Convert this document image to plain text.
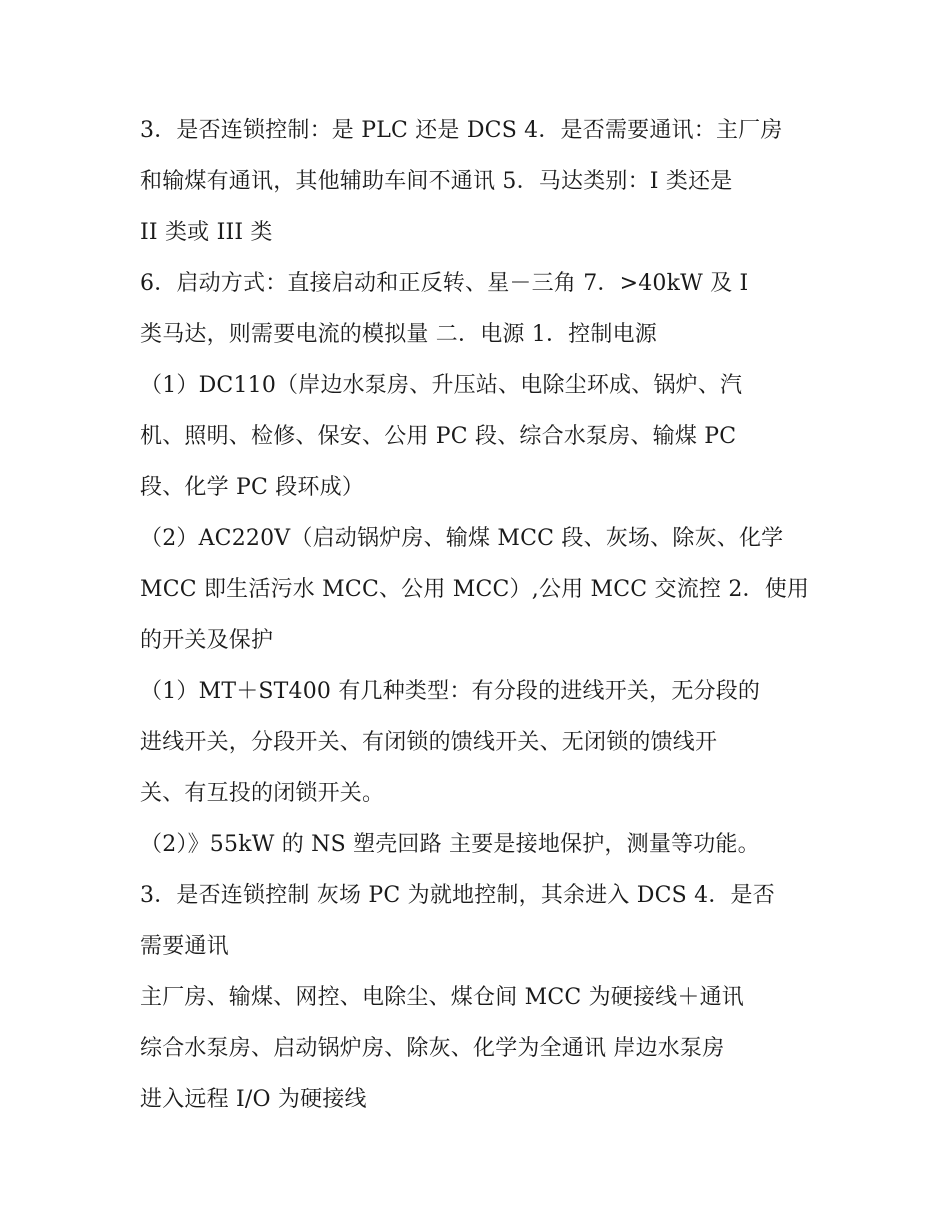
3．是否连锁控制：是 PLC 还是 DCS 4．是否需要通讯：主厂房
和输煤有通讯，其他辅助车间不通讯 5．马达类别：I 类还是
II 类或 III 类
6．启动方式：直接启动和正反转、星－三角 7．>40kW 及 I
类马达，则需要电流的模拟量 二．电源 1．控制电源
（1）DC110（岸边水泵房、升压站、电除尘环成、锅炉、汽
机、照明、检修、保安、公用 PC 段、综合水泵房、输煤 PC
段、化学 PC 段环成）
（2）AC220V（启动锅炉房、输煤 MCC 段、灰场、除灰、化学
MCC 即生活污水 MCC、公用 MCC）,公用 MCC 交流控 2．使用
的开关及保护
（1）MT＋ST400 有几种类型：有分段的进线开关，无分段的
进线开关，分段开关、有闭锁的馈线开关、无闭锁的馈线开
关、有互投的闭锁开关。
（2）》55kW 的 NS 塑壳回路 主要是接地保护，测量等功能。
3．是否连锁控制 灰场 PC 为就地控制，其余进入 DCS 4．是否
需要通讯
主厂房、输煤、网控、电除尘、煤仓间 MCC 为硬接线＋通讯
综合水泵房、启动锅炉房、除灰、化学为全通讯 岸边水泵房
进入远程 I/O 为硬接线
